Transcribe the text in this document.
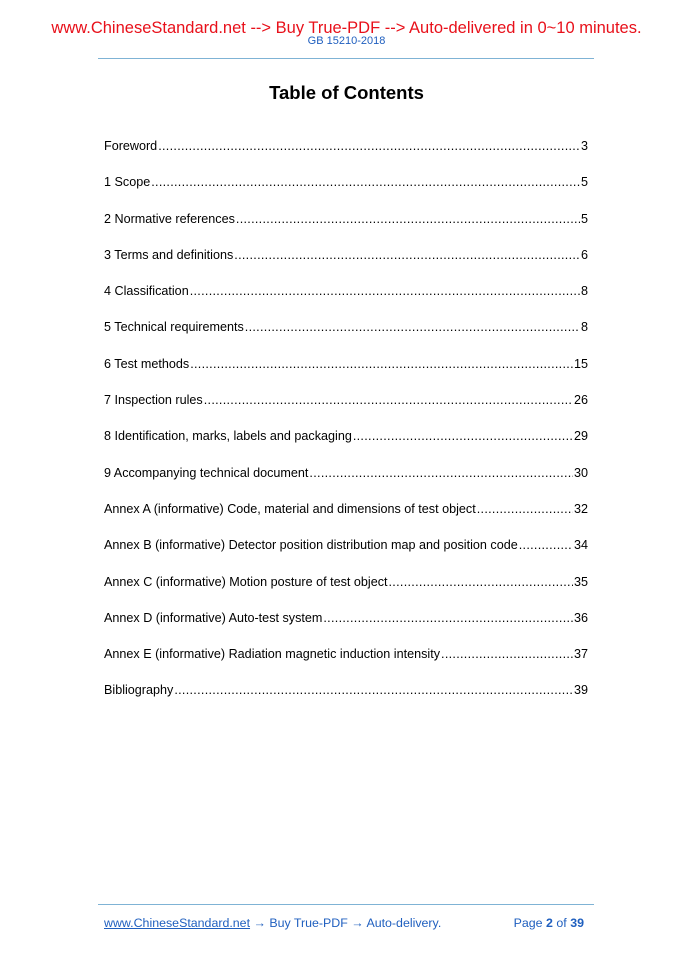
www.ChineseStandard.net --> Buy True-PDF --> Auto-delivered in 0~10 minutes.
GB 15210-2018
Table of Contents
Foreword .....	3
1 Scope .....	5
2 Normative references .....	5
3 Terms and definitions .....	6
4 Classification .....	8
5 Technical requirements .....	8
6 Test methods .....	15
7 Inspection rules .....	26
8 Identification, marks, labels and packaging .....	29
9 Accompanying technical document .....	30
Annex A (informative) Code, material and dimensions of test object .....	32
Annex B (informative) Detector position distribution map and position code .....	34
Annex C (informative) Motion posture of test object .....	35
Annex D (informative) Auto-test system .....	36
Annex E (informative) Radiation magnetic induction intensity .....	37
Bibliography .....	39
www.ChineseStandard.net → Buy True-PDF → Auto-delivery.	Page 2 of 39
